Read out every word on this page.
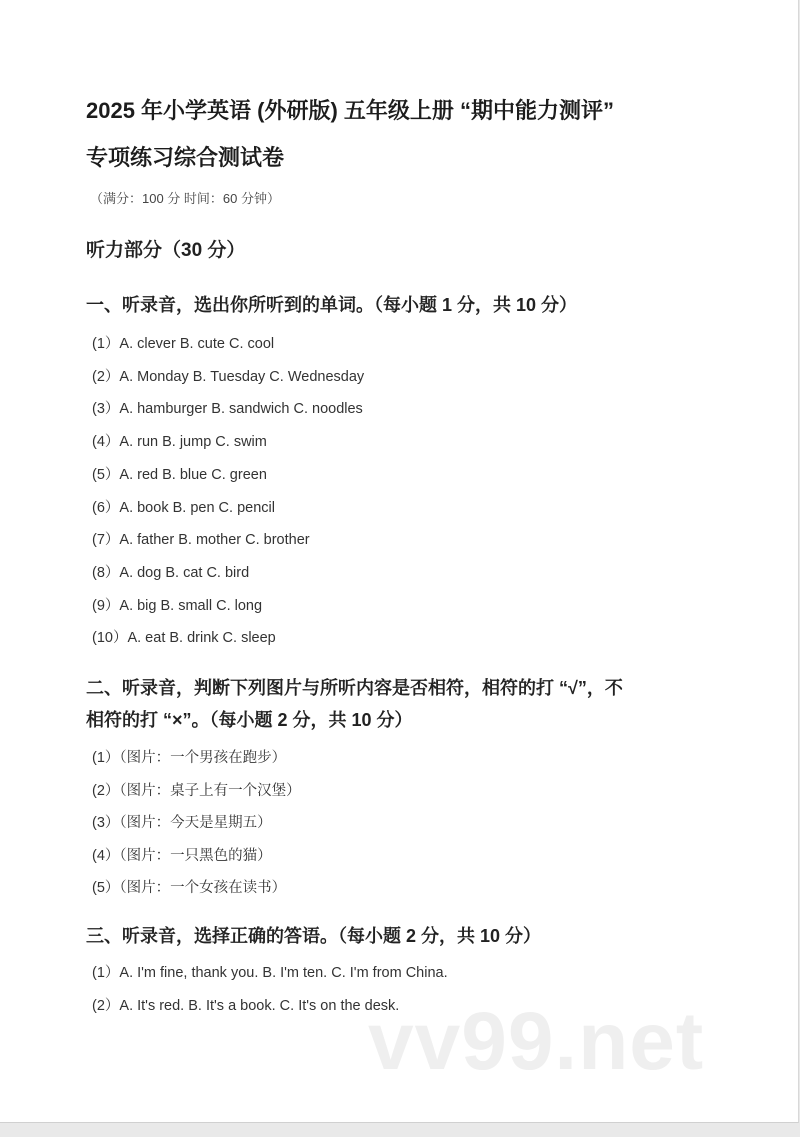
2025 年小学英语 (外研版) 五年级上册 “期中能力测评”
专项练习综合测试卷
（满分：100 分 时间：60 分钟）
听力部分（30 分）
一、听录音，选出你所听到的单词。（每小题 1 分，共 10 分）
(1）A. clever B. cute C. cool
(2）A. Monday B. Tuesday C. Wednesday
(3）A. hamburger B. sandwich C. noodles
(4）A. run B. jump C. swim
(5）A. red B. blue C. green
(6）A. book B. pen C. pencil
(7）A. father B. mother C. brother
(8）A. dog B. cat C. bird
(9）A. big B. small C. long
(10）A. eat B. drink C. sleep
二、听录音，判断下列图片与所听内容是否相符，相符的打 “√”，不
相符的打 “×”。（每小题 2 分，共 10 分）
(1）（图片：一个男孩在跑步）
(2）（图片：桌子上有一个汉堡）
(3）（图片：今天是星期五）
(4）（图片：一只黑色的猫）
(5）（图片：一个女孩在读书）
三、听录音，选择正确的答语。（每小题 2 分，共 10 分）
(1）A. I'm fine, thank you. B. I'm ten. C. I'm from China.
(2）A. It's red. B. It's a book. C. It's on the desk.
vv99.net
